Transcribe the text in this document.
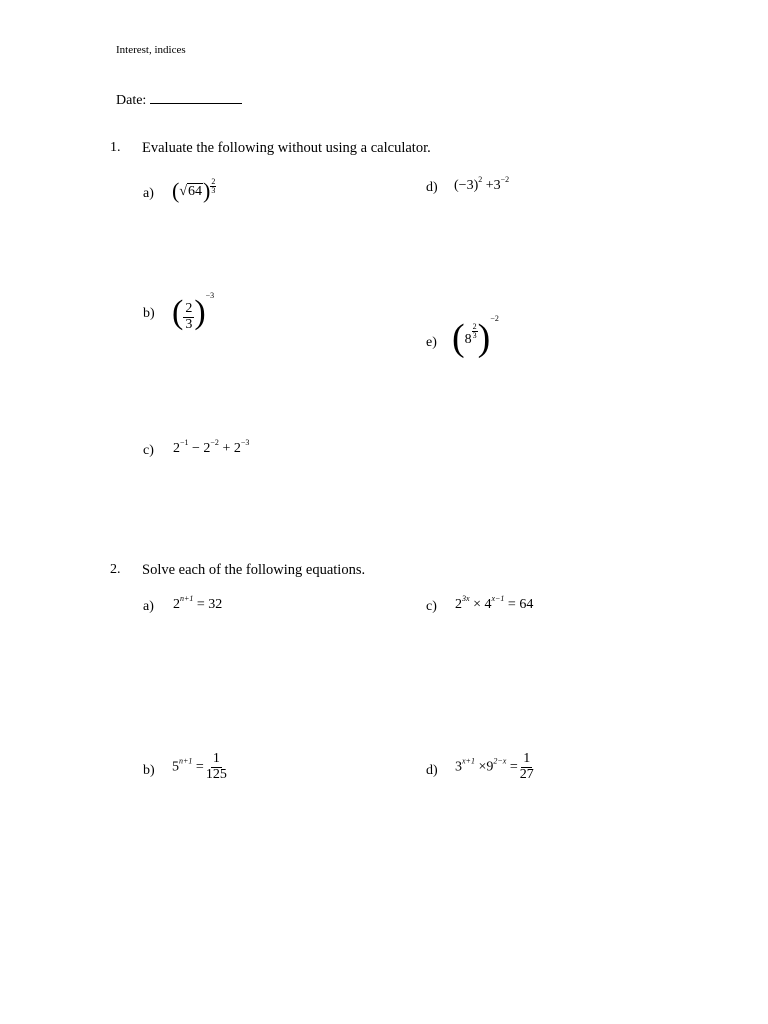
Interest, indices
Date:
1. Evaluate the following without using a calculator.
a) $(√64) \frac{2}{3}$	d) $(-3)^2 +3^{-2}$
b) ( $\frac{2}{3} )^{-3}$
e) $(8 \frac{2}{3} )^{-2}$
c) $2^{-1} - 2^{-2} + 2^{-3}$
2. Solve each of the following equations.
a) $2^{n+1} = 32$	c) $2^{3x} \times 4^{x-1} = 64$
b) $5^{n+1} = \frac{1}{125}$	d) $3^{x+1} \times 9^{2-x} = \frac{1}{27}$
